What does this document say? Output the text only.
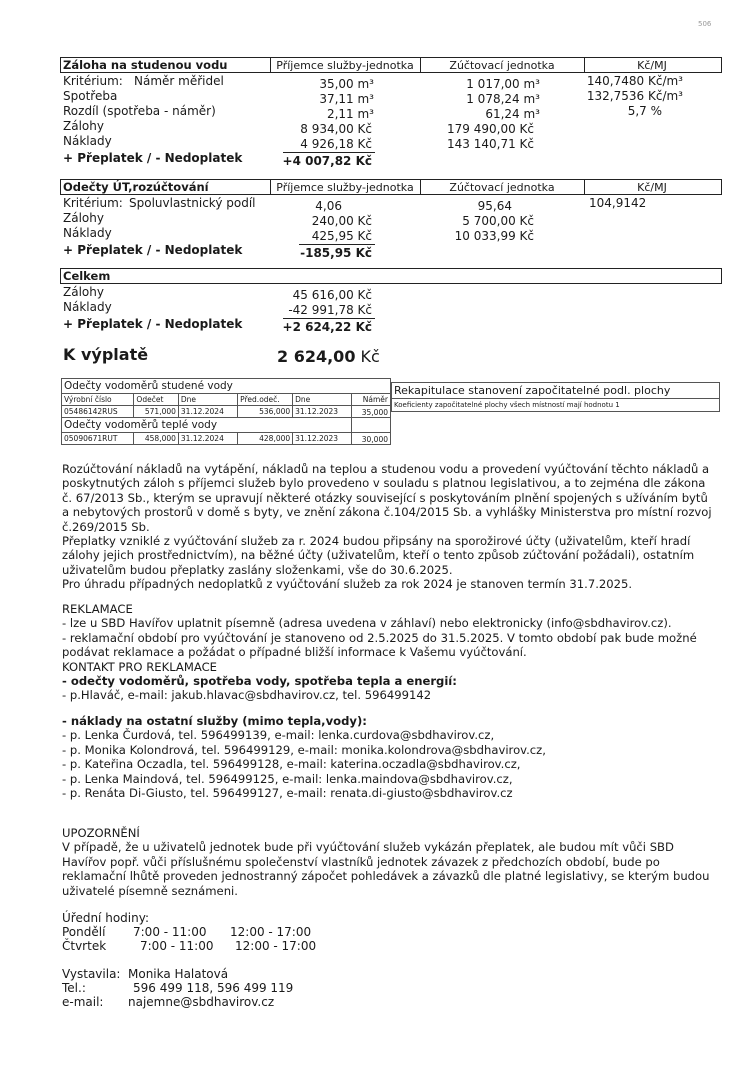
506
Záloha na studenou vodu	Příjemce služby-jednotka	Zúčtovací jednotka	Kč/MJ
Kritérium: Náměr měřidel	35,00 m³	1 017,00 m³	140,7480 Kč/m³
Spotřeba	37,11 m³	1 078,24 m³	132,7536 Kč/m³
Rozdíl (spotřeba - náměr)	2,11 m³	61,24 m³	5,7 %
Zálohy	8 934,00 Kč	179 490,00 Kč
Náklady	4 926,18 Kč	143 140,71 Kč
+ Přeplatek / - Nedoplatek	+4 007,82 Kč
Odečty ÚT,rozúčtování	Příjemce služby-jednotka	Zúčtovací jednotka	Kč/MJ
Kritérium: Spoluvlastnický podíl	4,06	95,64	104,9142
Zálohy	240,00 Kč	5 700,00 Kč
Náklady	425,95 Kč	10 033,99 Kč
+ Přeplatek / - Nedoplatek	-185,95 Kč
Celkem
Zálohy	45 616,00 Kč
Náklady	-42 991,78 Kč
+ Přeplatek / - Nedoplatek	+2 624,22 Kč
K výplatě	2 624,00 Kč
Odečty vodoměrů studené vody					
Výrobní číslo	Odečet	Dne	Před.odeč.	Dne	Náměr
05486142RUS	571,000	31.12.2024	536,000	31.12.2023	35,000
Odečty vodoměrů teplé vody					
05090671RUT	458,000	31.12.2024	428,000	31.12.2023	30,000
Rekapitulace stanovení započitatelné podl. plochy
Koeficienty započitatelné plochy všech místností mají hodnotu 1

Rozúčtování nákladů na vytápění, nákladů na teplou a studenou vodu a provedení vyúčtování těchto nákladů a poskytnutých záloh s příjemci služeb bylo provedeno v souladu s platnou legislativou, a to zejména dle zákona č. 67/2013 Sb., kterým se upravují některé otázky související s poskytováním plnění spojených s užíváním bytů a nebytových prostorů v domě s byty, ve znění zákona č.104/2015 Sb. a vyhlášky Ministerstva pro místní rozvoj č.269/2015 Sb.

Přeplatky vzniklé z vyúčtování služeb za r. 2024 budou připsány na sporožirové účty (uživatelům, kteří hradí zálohy jejich prostřednictvím), na běžné účty (uživatelům, kteří o tento způsob zúčtování požádali), ostatním uživatelům budou přeplatky zaslány složenkami, vše do 30.6.2025.

Pro úhradu případných nedoplatků z vyúčtování služeb za rok 2024 je stanoven termín 31.7.2025.

REKLAMACE

- lze u SBD Havířov uplatnit písemně (adresa uvedena v záhlaví) nebo elektronicky (info@sbdhavirov.cz).

- reklamační období pro vyúčtování je stanoveno od 2.5.2025 do 31.5.2025. V tomto období pak bude možné podávat reklamace a požádat o případné bližší informace k Vašemu vyúčtování.

KONTAKT PRO REKLAMACE

- odečty vodoměrů, spotřeba vody, spotřeba tepla a energií:

- p.Hlaváč, e-mail: jakub.hlavac@sbdhavirov.cz, tel. 596499142

- náklady na ostatní služby (mimo tepla,vody):

- p. Lenka Čurdová, tel. 596499139, e-mail: lenka.curdova@sbdhavirov.cz,

- p. Monika Kolondrová, tel. 596499129, e-mail: monika.kolondrova@sbdhavirov.cz,

- p. Kateřina Oczadla, tel. 596499128, e-mail: katerina.oczadla@sbdhavirov.cz,

- p. Lenka Maindová, tel. 596499125, e-mail: lenka.maindova@sbdhavirov.cz,

- p. Renáta Di-Giusto, tel. 596499127, e-mail: renata.di-giusto@sbdhavirov.cz

UPOZORNĚNÍ

V případě, že u uživatelů jednotek bude při vyúčtování služeb vykázán přeplatek, ale budou mít vůči SBD Havířov popř. vůči příslušnému společenství vlastníků jednotek závazek z předchozích období, bude po reklamační lhůtě proveden jednostranný zápočet pohledávek a závazků dle platné legislativy, se kterým budou uživatelé písemně seznámeni.

Úřední hodiny:
Pondělí 7:00 - 11:00 12:00 - 17:00
Čtvrtek	7:00 - 11:00 12:00 - 17:00
Vystavila: Monika Halatová
Tel.:	596 499 118, 596 499 119
e-mail: najemne@sbdhavirov.cz
